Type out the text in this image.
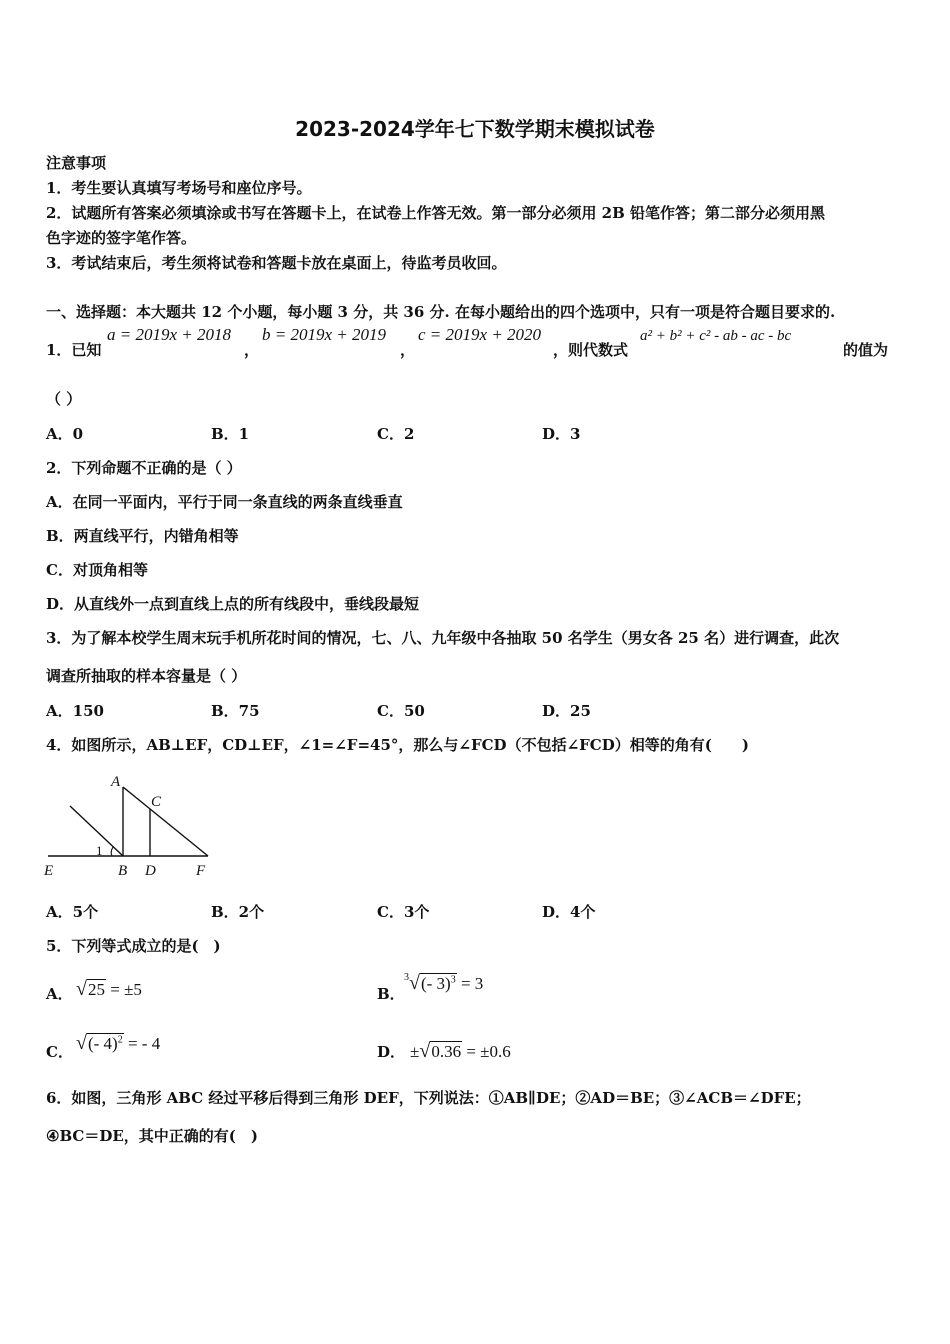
2023-2024学年七下数学期末模拟试卷
注意事项
1．考生要认真填写考场号和座位序号。
2．试题所有答案必须填涂或书写在答题卡上，在试卷上作答无效。第一部分必须用 2B 铅笔作答；第二部分必须用黑
色字迹的签字笔作答。
3．考试结束后，考生须将试卷和答题卡放在桌面上，待监考员收回。
一、选择题：本大题共 12 个小题，每小题 3 分，共 36 分. 在每小题给出的四个选项中，只有一项是符合题目要求的.
1．已知
a = 2019x + 2018
，
b = 2019x + 2019
，
c = 2019x + 2020
，则代数式
a² + b² + c² - ab - ac - bc
的值为
（ ）
A．0	B．1	C．2	D．3
2．下列命题不正确的是（ ）
A．在同一平面内，平行于同一条直线的两条直线垂直
B．两直线平行，内错角相等
C．对顶角相等
D．从直线外一点到直线上点的所有线段中，垂线段最短
3．为了解本校学生周末玩手机所花时间的情况，七、八、九年级中各抽取 50 名学生（男女各 25 名）进行调查，此次
调查所抽取的样本容量是（ ）
A．150	B．75	C．50	D．25
4．如图所示，AB⊥EF，CD⊥EF，∠1=∠F=45°，那么与∠FCD（不包括∠FCD）相等的角有(　　)
A
C
1
E	B D	F
A．5个	B．2个	C．3个	D．4个
5．下列等式成立的是(　)
A． √25 = ±5	B．
$^3$√(- 3)$^3$ = 3
C． √(- 4)$^2$ = - 4	D． ±√0.36 = ±0.6
6．如图，三角形 ABC 经过平移后得到三角形 DEF，下列说法：①AB∥DE；②AD＝BE；③∠ACB＝∠DFE；
④BC＝DE，其中正确的有(　)
